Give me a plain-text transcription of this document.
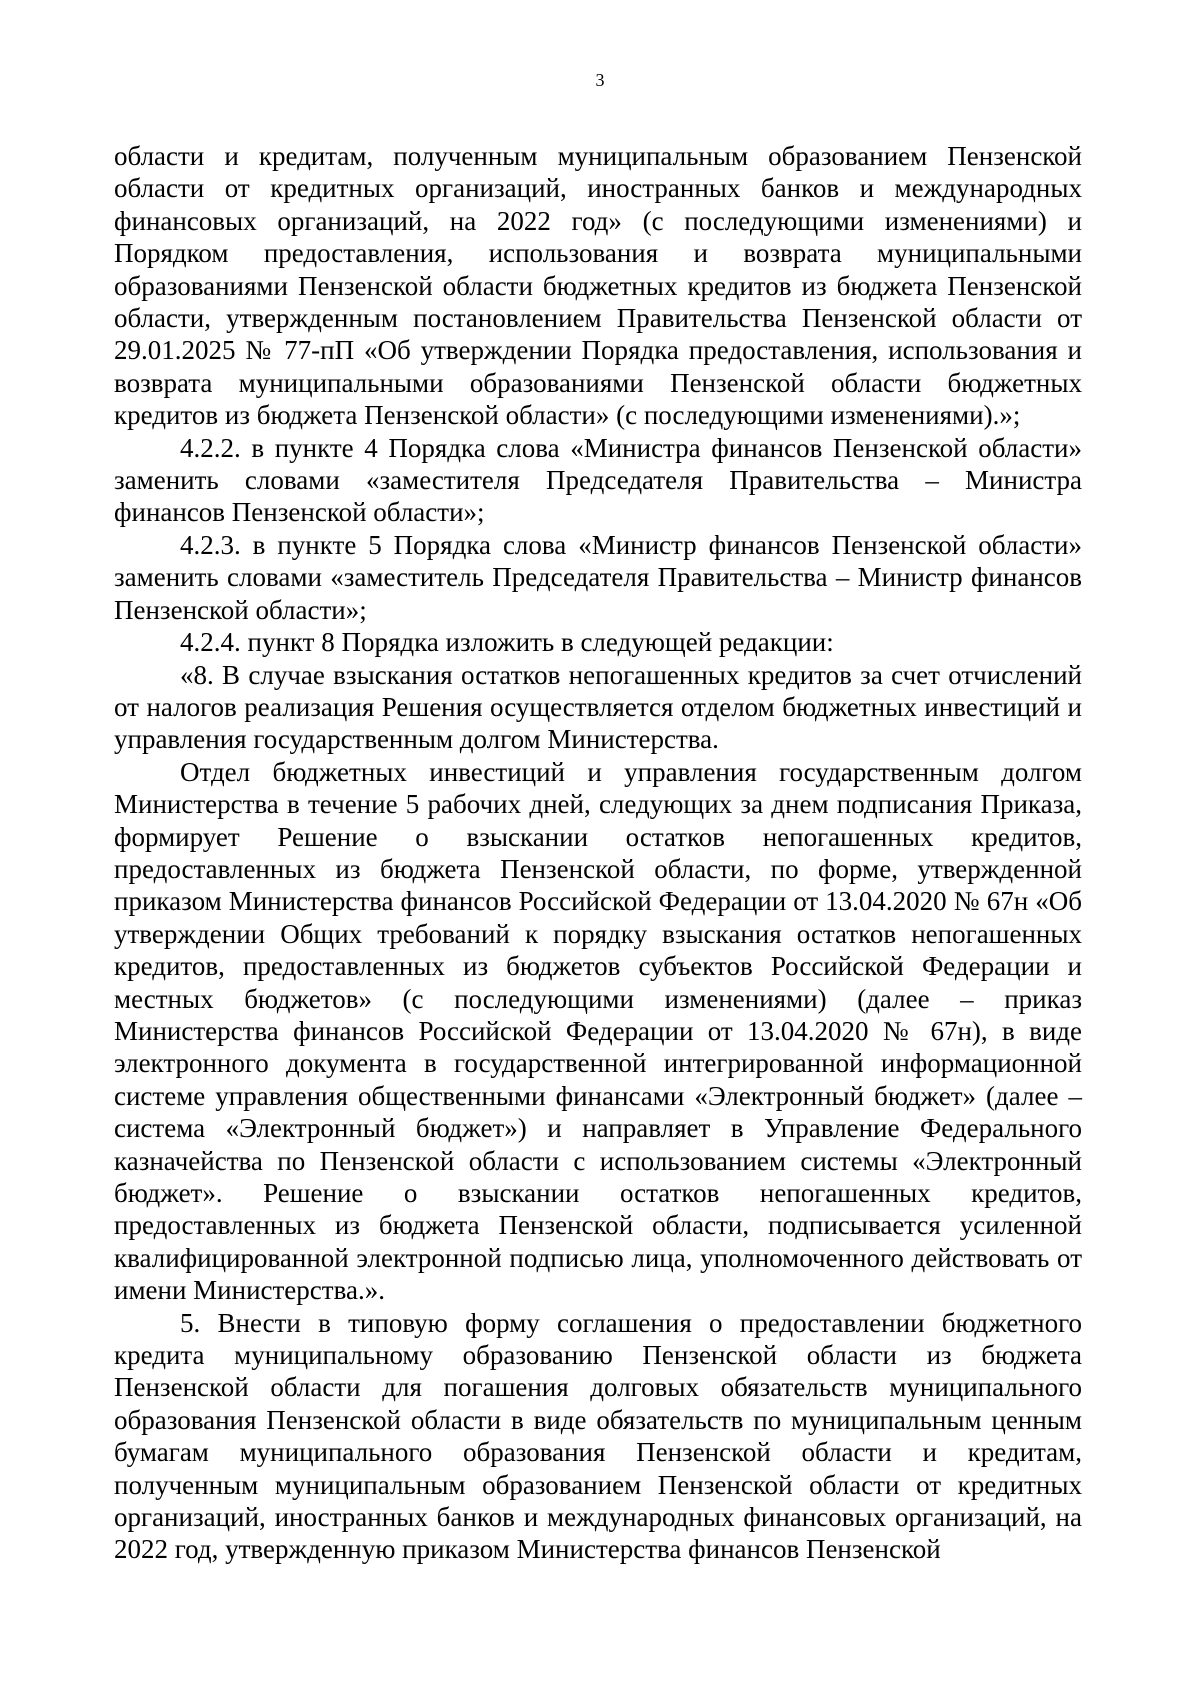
3

области и кредитам, полученным муниципальным образованием Пензенской области от кредитных организаций, иностранных банков и международных финансовых организаций, на 2022 год» (с последующими изменениями) и Порядком предоставления, использования и возврата муниципальными образованиями Пензенской области бюджетных кредитов из бюджета Пензенской области, утвержденным постановлением Правительства Пензенской области от 29.01.2025 № 77-пП «Об утверждении Порядка предоставления, использования и возврата муниципальными образованиями Пензенской области бюджетных кредитов из бюджета Пензенской области» (с последующими изменениями).»;

4.2.2. в пункте 4 Порядка слова «Министра финансов Пензенской области» заменить словами «заместителя Председателя Правительства – Министра финансов Пензенской области»;

4.2.3. в пункте 5 Порядка слова «Министр финансов Пензенской области» заменить словами «заместитель Председателя Правительства – Министр финансов Пензенской области»;

4.2.4. пункт 8 Порядка изложить в следующей редакции:

«8. В случае взыскания остатков непогашенных кредитов за счет отчислений от налогов реализация Решения осуществляется отделом бюджетных инвестиций и управления государственным долгом Министерства.

Отдел бюджетных инвестиций и управления государственным долгом Министерства в течение 5 рабочих дней, следующих за днем подписания Приказа, формирует Решение о взыскании остатков непогашенных кредитов, предоставленных из бюджета Пензенской области, по форме, утвержденной приказом Министерства финансов Российской Федерации от 13.04.2020 № 67н «Об утверждении Общих требований к порядку взыскания остатков непогашенных кредитов, предоставленных из бюджетов субъектов Российской Федерации и местных бюджетов» (с последующими изменениями) (далее – приказ Министерства финансов Российской Федерации от 13.04.2020 № 67н), в виде электронного документа в государственной интегрированной информационной системе управления общественными финансами «Электронный бюджет» (далее – система «Электронный бюджет») и направляет в Управление Федерального казначейства по Пензенской области с использованием системы «Электронный бюджет». Решение о взыскании остатков непогашенных кредитов, предоставленных из бюджета Пензенской области, подписывается усиленной квалифицированной электронной подписью лица, уполномоченного действовать от имени Министерства.».

5. Внести в типовую форму соглашения о предоставлении бюджетного кредита муниципальному образованию Пензенской области из бюджета Пензенской области для погашения долговых обязательств муниципального образования Пензенской области в виде обязательств по муниципальным ценным бумагам муниципального образования Пензенской области и кредитам, полученным муниципальным образованием Пензенской области от кредитных организаций, иностранных банков и международных финансовых организаций, на 2022 год, утвержденную приказом Министерства финансов Пензенской
